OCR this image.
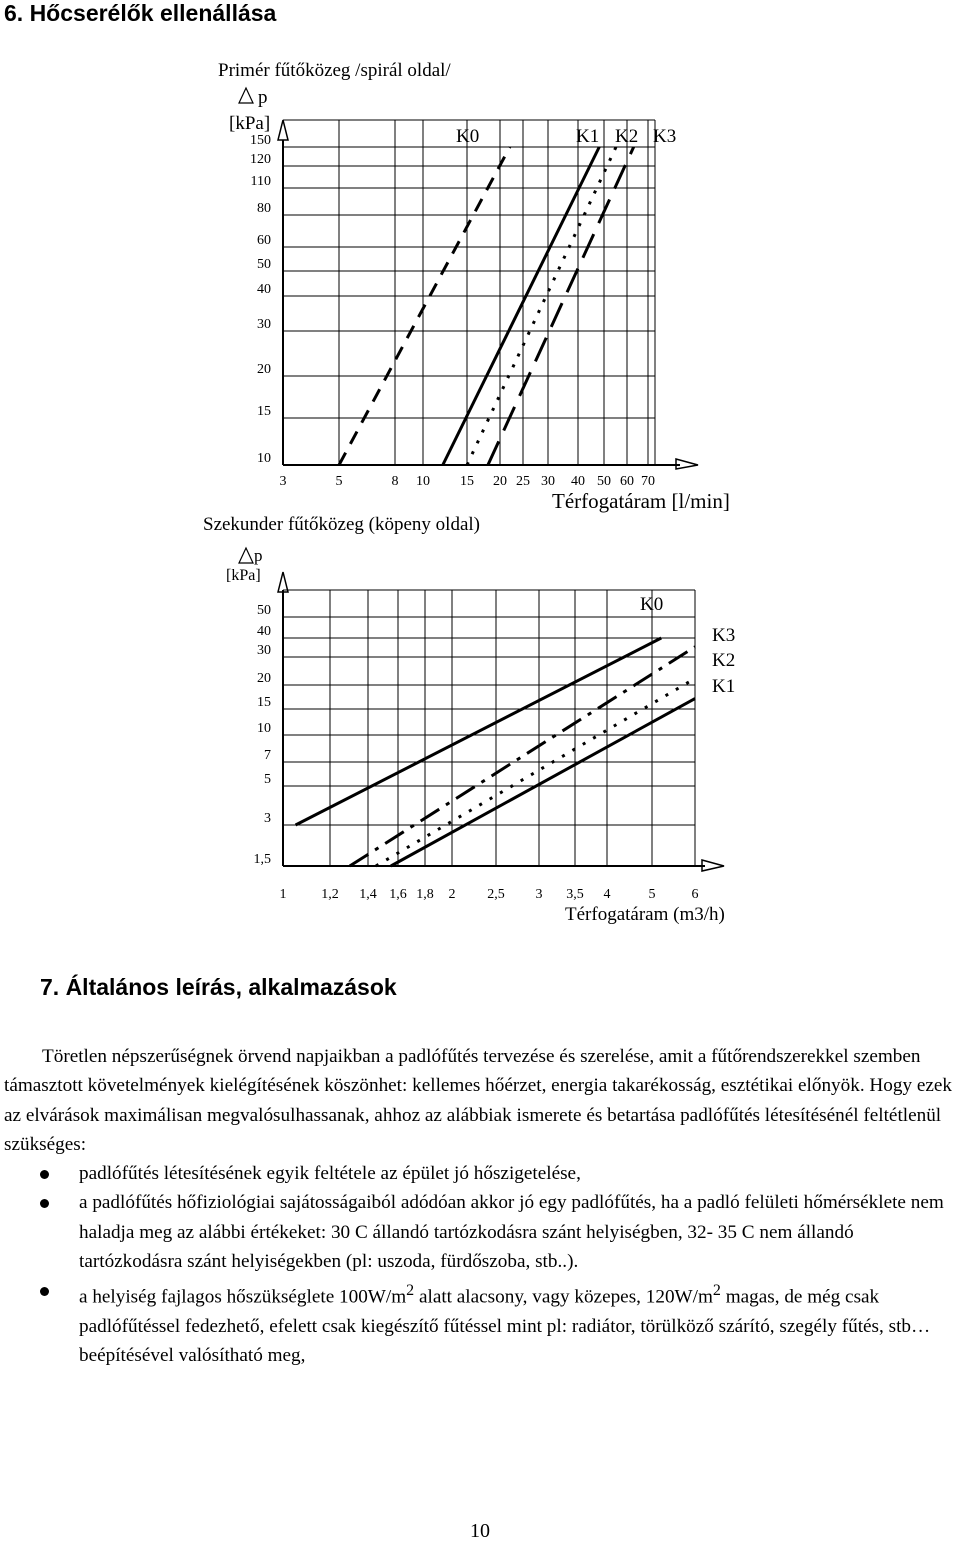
6. Hőcserélők ellenállása
Primér fűtőközeg /spirál oldal/
p
[kPa]
10
15
20
30
40
50
60
80
110
120
150
3	5	8 10 15 20 25 30 40 50 60 70
K0	K1 K2 K3
Térfogatáram [l/min]
Szekunder fűtőközeg (köpeny oldal)
p
[kPa]
1,5
3
5
7
10
15
20
30
40
50
1 1,2 1,4 1,6 1,8 2 2,5 3 3,5 4	5	6
K0
K3
K2
K1
Térfogatáram (m3/h)
7. Általános leírás, alkalmazások

Töretlen népszerűségnek örvend napjaikban a padlófűtés tervezése és szerelése, amit a fűtőrendszerekkel szemben támasztott követelmények kielégítésének köszönhet: kellemes hőérzet, energia takarékosság, esztétikai előnyök. Hogy ezek az elvárások maximálisan megvalósulhassanak, ahhoz az alábbiak ismerete és betartása padlófűtés létesítésénél feltétlenül szükséges:

padlófűtés létesítésének egyik feltétele az épület jó hőszigetelése,
a padlófűtés hőfiziológiai sajátosságaiból adódóan akkor jó egy padlófűtés, ha a padló felületi hőmérséklete nem haladja meg az alábbi értékeket: 30 C állandó tartózkodásra szánt helyiségben, 32- 35 C nem állandó tartózkodásra szánt helyiségekben (pl: uszoda, fürdőszoba, stb..).
a helyiség fajlagos hőszükséglete $100W/m^2$ alatt alacsony, vagy közepes, $120W/m^2$ magas, de még csak padlófűtéssel fedezhető, efelett csak kiegészítő fűtéssel mint pl: radiátor, törülköző szárító, szegély fűtés, stb…beépítésével valósítható meg,
10
